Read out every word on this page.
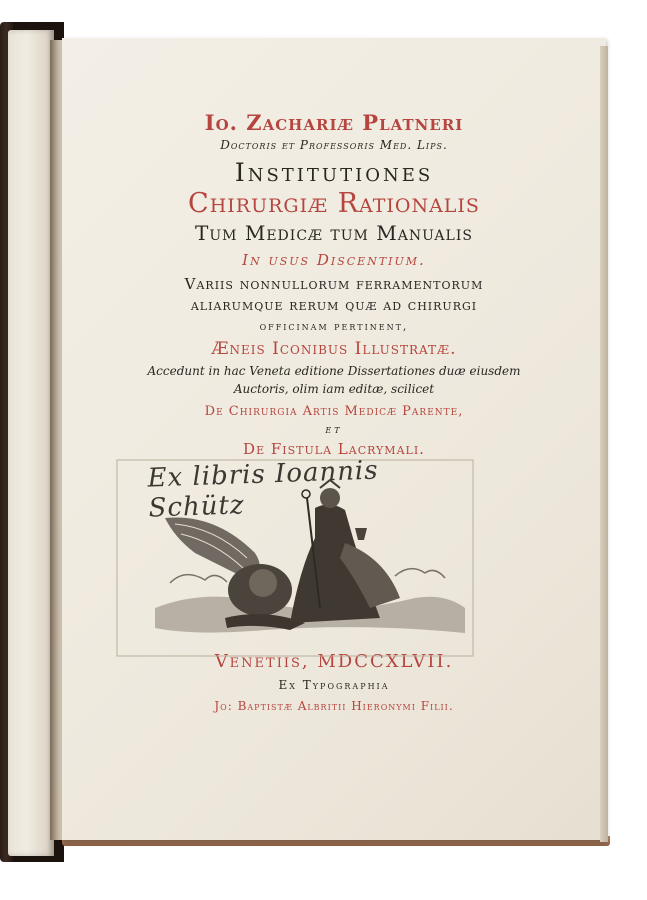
Io. Zachariæ Platneri
Doctoris et Professoris Med. Lips.
Institutiones
Chirurgiæ Rationalis
Tum Medicæ tum Manualis
In usus Discentium.
Variis nonnullorum ferramentorum
aliarumque rerum quæ ad chirurgi
officinam pertinent,
Æneis Iconibus Illustratæ.
Accedunt in hac Veneta editione Dissertationes duæ eiusdem
Auctoris, olim iam editæ, scilicet
De Chirurgia Artis Medicæ Parente,
et
De Fistula Lacrymali.
Venetiis, MDCCXLVII.
Ex Typographia
Jo: Baptistæ Albritii Hieronymi Filii.
Ex libris Ioannis Schütz
